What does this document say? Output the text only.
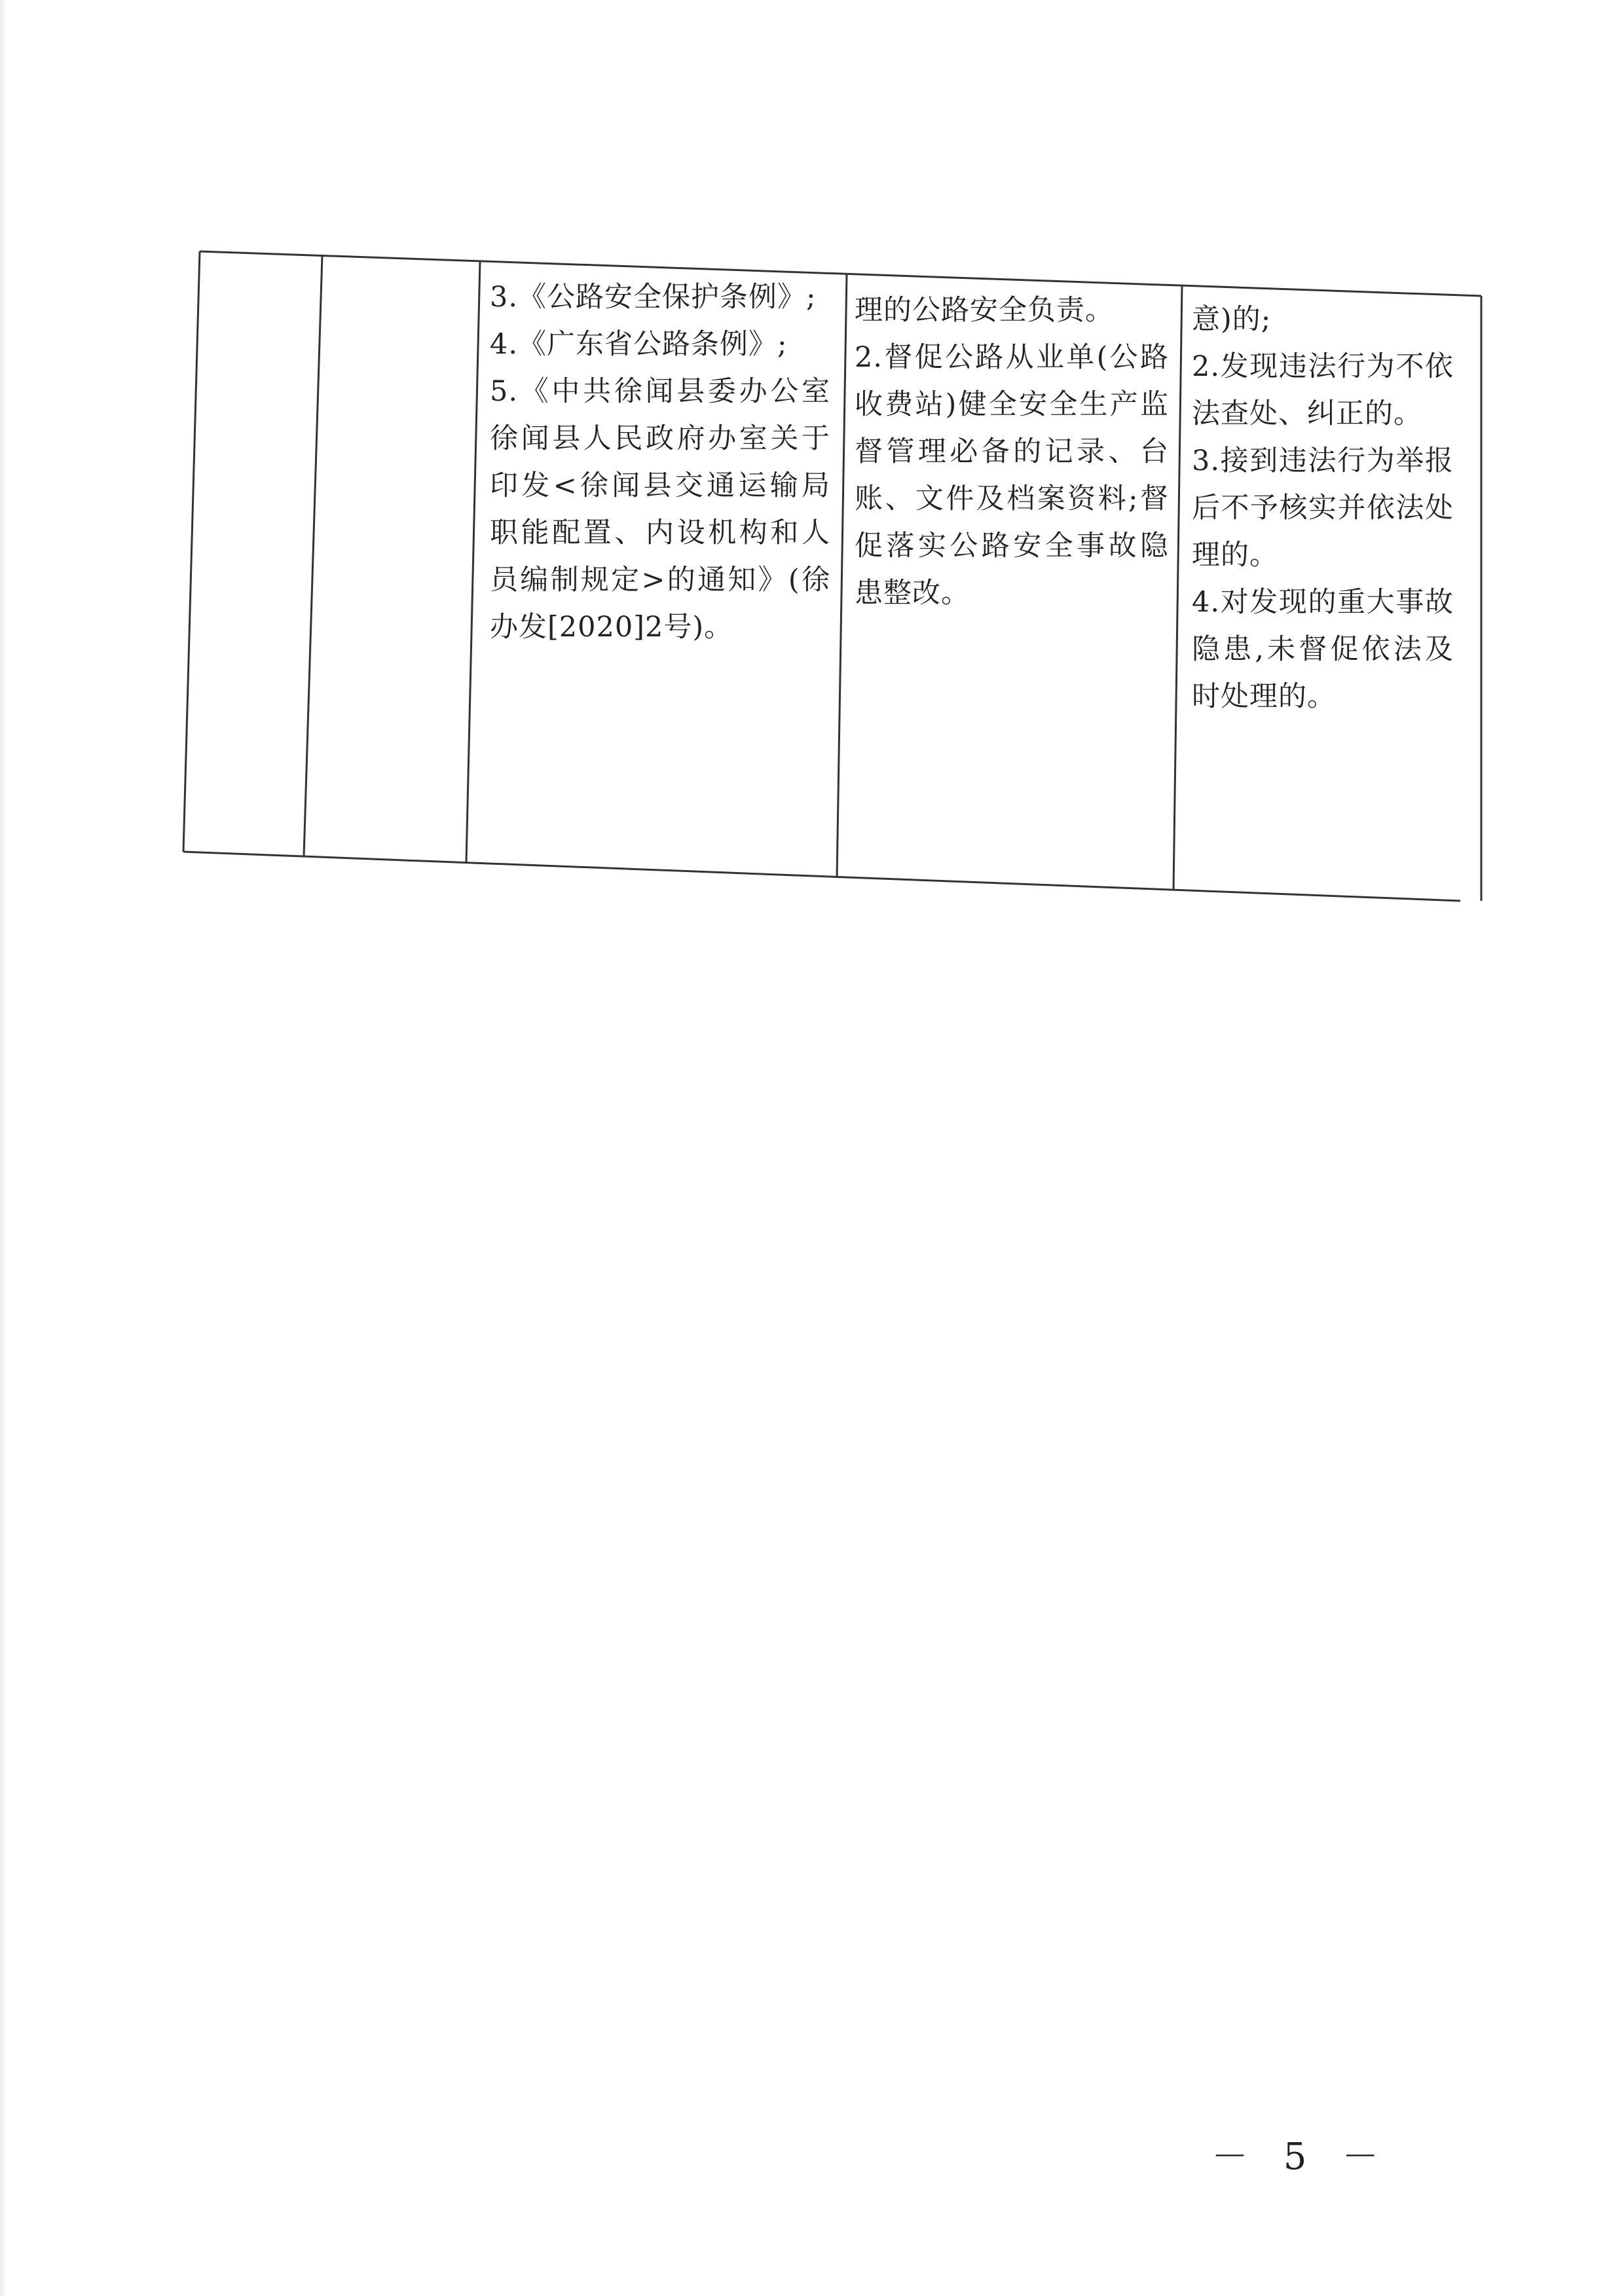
3.《公路安全保护条例》;

4.《广东省公路条例》;

5.《中共徐闻县委办公室徐闻县人民政府办室关于印发<徐闻县交通运输局职能配置、内设机构和人员编制规定>的通知》(徐办发[2020]2号)。

理的公路安全负责。

2.督促公路从业单(公路收费站)健全安全生产监督管理必备的记录、台账、文件及档案资料;督促落实公路安全事故隐患整改。

意)的;

2.发现违法行为不依法查处、纠正的。

3.接到违法行为举报后不予核实并依法处理的。

4.对发现的重大事故隐患,未督促依法及时处理的。

－ 5 －
